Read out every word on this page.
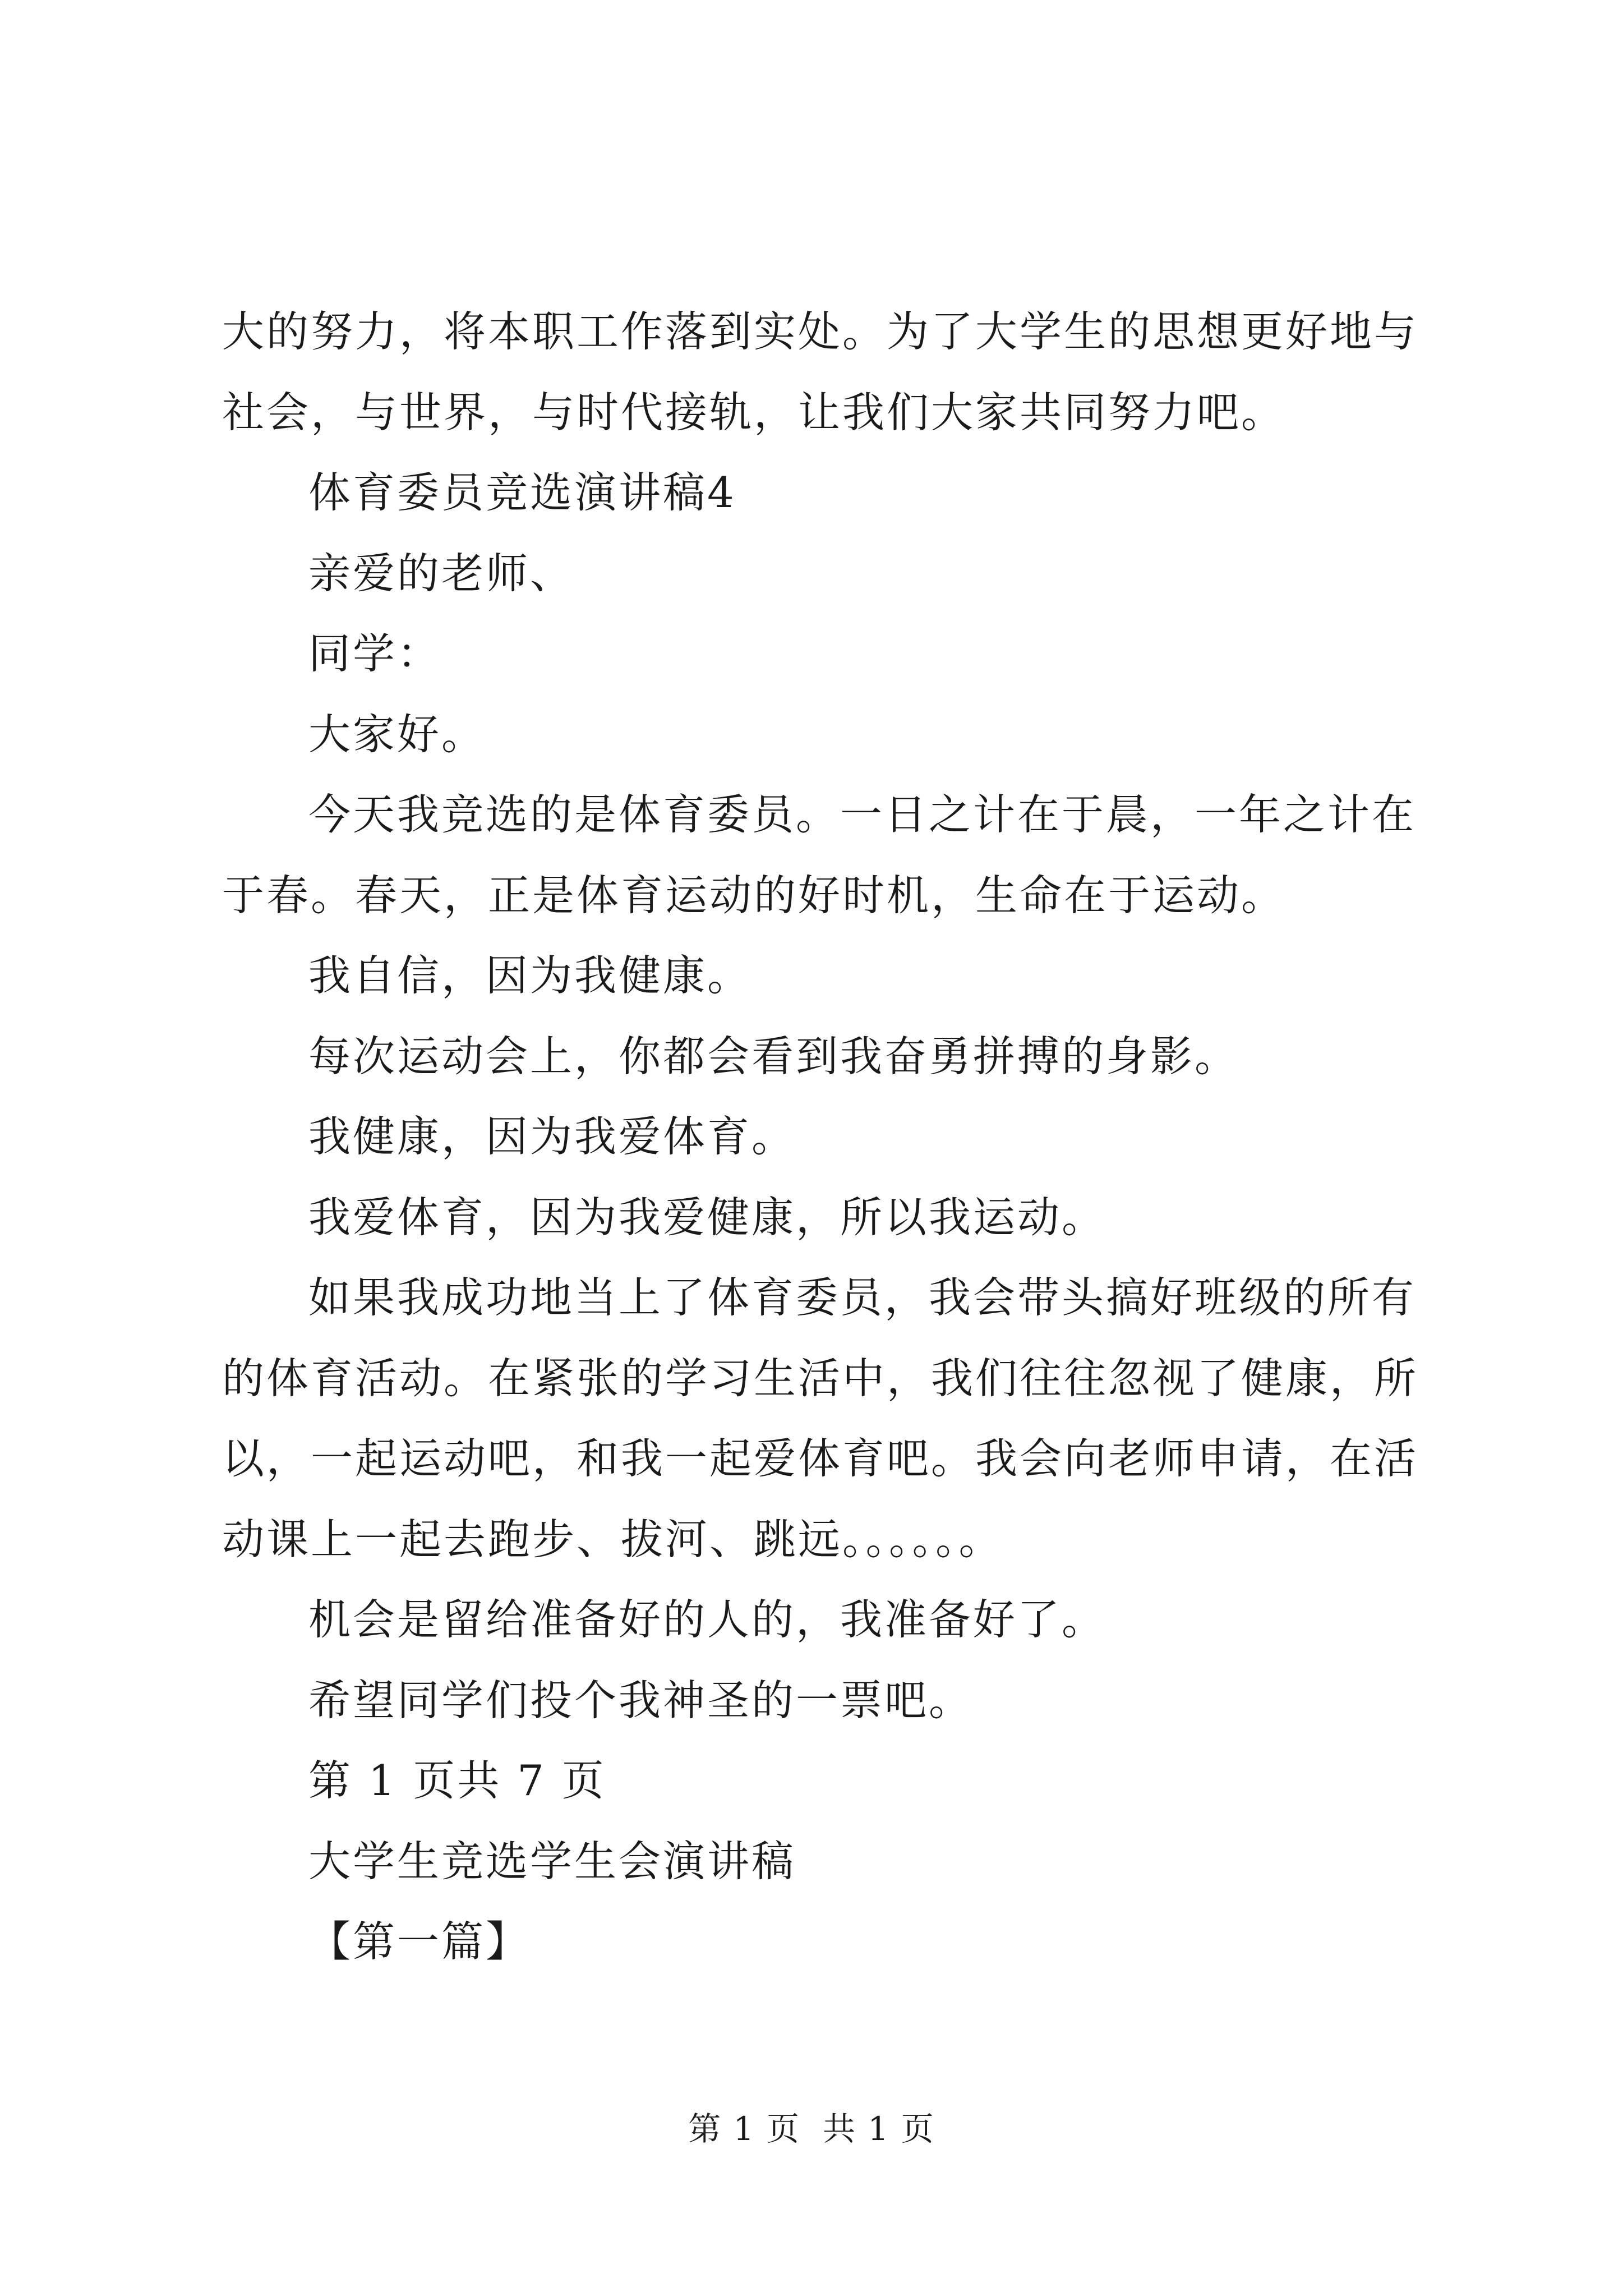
大的努力，将本职工作落到实处。为了大学生的思想更好地与社会，与世界，与时代接轨，让我们大家共同努力吧。

体育委员竞选演讲稿4

亲爱的老师、

同学：

大家好。

今天我竞选的是体育委员。一日之计在于晨，一年之计在于春。春天，正是体育运动的好时机，生命在于运动。

我自信，因为我健康。

每次运动会上，你都会看到我奋勇拼搏的身影。

我健康，因为我爱体育。

我爱体育，因为我爱健康，所以我运动。

如果我成功地当上了体育委员，我会带头搞好班级的所有的体育活动。在紧张的学习生活中，我们往往忽视了健康，所以，一起运动吧，和我一起爱体育吧。我会向老师申请，在活动课上一起去跑步、拔河、跳远。。。。。。

机会是留给准备好的人的，我准备好了。

希望同学们投个我神圣的一票吧。

第 1 页共 7 页

大学生竞选学生会演讲稿

【第一篇】

第 1 页 共 1 页
